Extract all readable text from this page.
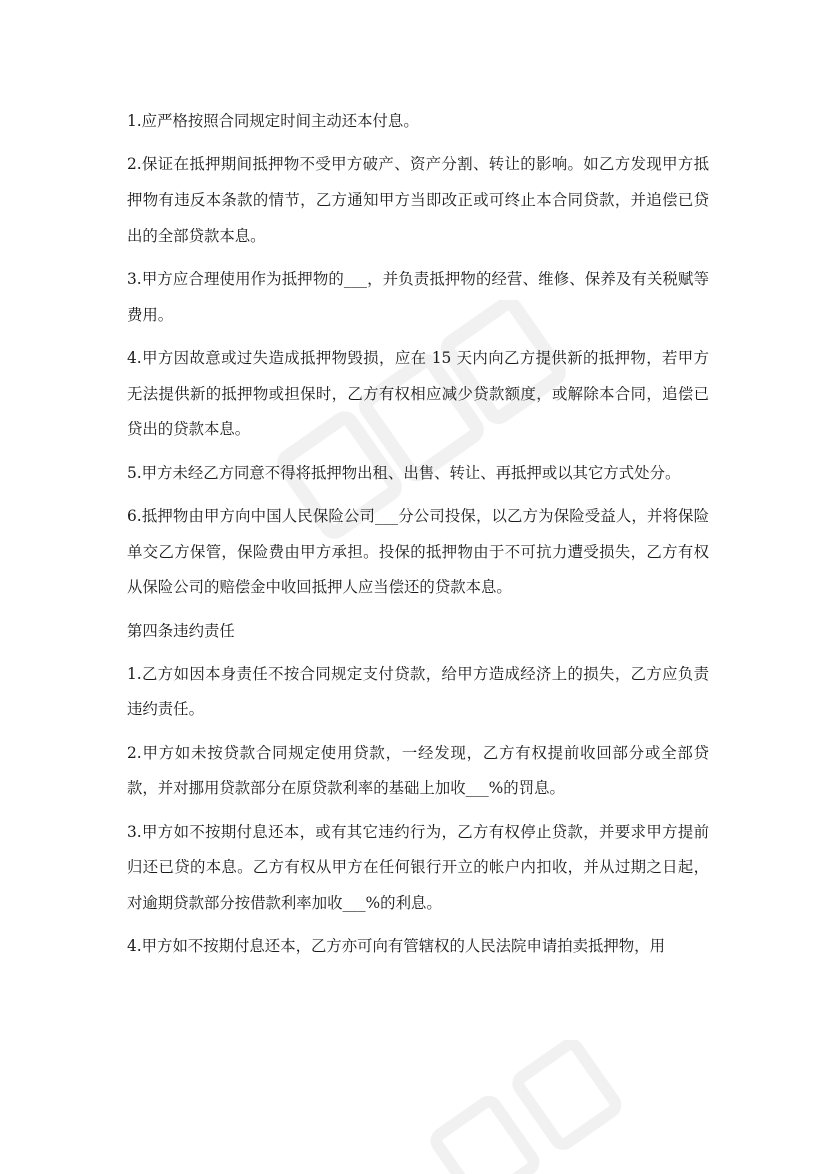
1.应严格按照合同规定时间主动还本付息。

2.保证在抵押期间抵押物不受甲方破产、资产分割、转让的影响。如乙方发现甲方抵押物有违反本条款的情节，乙方通知甲方当即改正或可终止本合同贷款，并追偿已贷出的全部贷款本息。

3.甲方应合理使用作为抵押物的___，并负责抵押物的经营、维修、保养及有关税赋等费用。

4.甲方因故意或过失造成抵押物毁损，应在 15 天内向乙方提供新的抵押物，若甲方无法提供新的抵押物或担保时，乙方有权相应减少贷款额度，或解除本合同，追偿已贷出的贷款本息。

5.甲方未经乙方同意不得将抵押物出租、出售、转让、再抵押或以其它方式处分。

6.抵押物由甲方向中国人民保险公司___分公司投保，以乙方为保险受益人，并将保险单交乙方保管，保险费由甲方承担。投保的抵押物由于不可抗力遭受损失，乙方有权从保险公司的赔偿金中收回抵押人应当偿还的贷款本息。

第四条违约责任

1.乙方如因本身责任不按合同规定支付贷款，给甲方造成经济上的损失，乙方应负责违约责任。

2.甲方如未按贷款合同规定使用贷款，一经发现，乙方有权提前收回部分或全部贷款，并对挪用贷款部分在原贷款利率的基础上加收___%的罚息。

3.甲方如不按期付息还本，或有其它违约行为，乙方有权停止贷款，并要求甲方提前归还已贷的本息。乙方有权从甲方在任何银行开立的帐户内扣收，并从过期之日起，对逾期贷款部分按借款利率加收___%的利息。

4.甲方如不按期付息还本，乙方亦可向有管辖权的人民法院申请拍卖抵押物，用
